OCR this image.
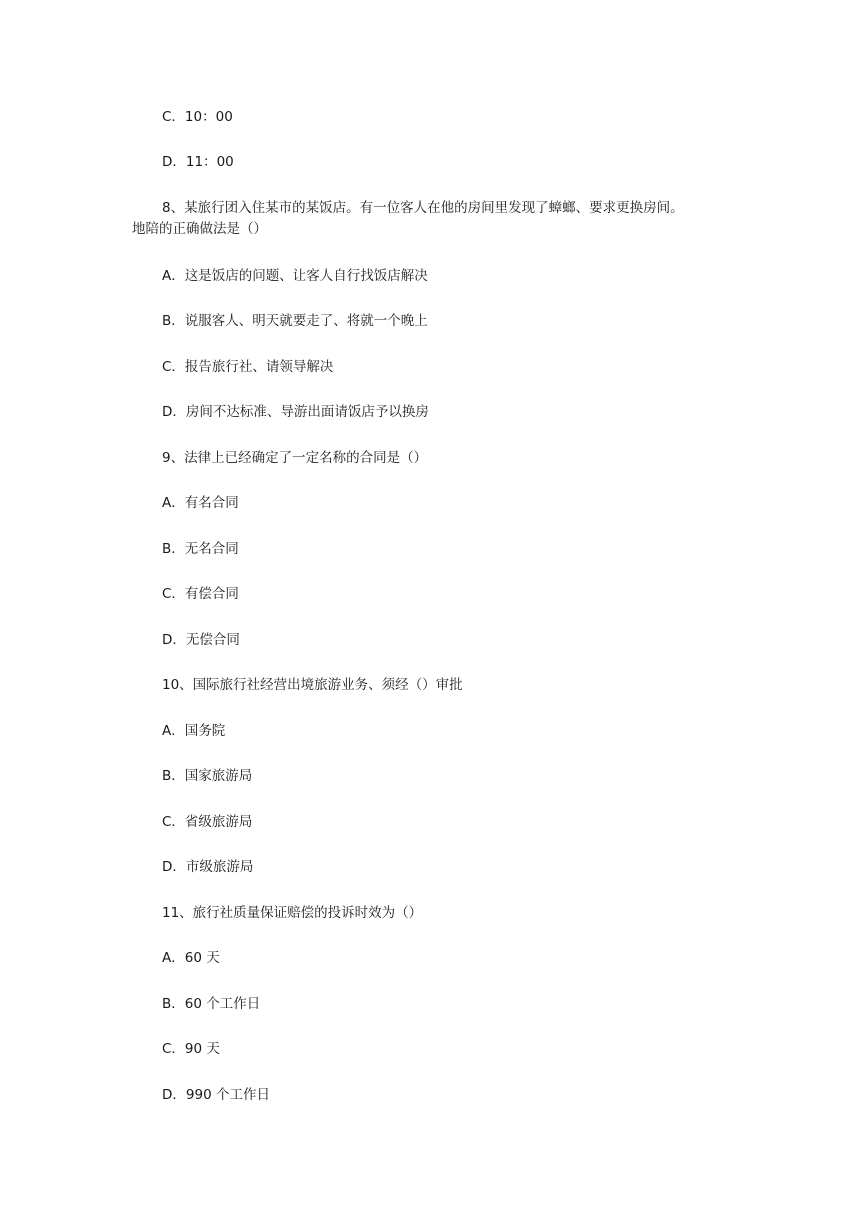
C．10：00
D．11：00
8、某旅行团入住某市的某饭店。有一位客人在他的房间里发现了蟑螂、要求更换房间。
地陪的正确做法是（）
A．这是饭店的问题、让客人自行找饭店解决
B．说服客人、明天就要走了、将就一个晚上
C．报告旅行社、请领导解决
D．房间不达标准、导游出面请饭店予以换房
9、法律上已经确定了一定名称的合同是（）
A．有名合同
B．无名合同
C．有偿合同
D．无偿合同
10、国际旅行社经营出境旅游业务、须经（）审批
A．国务院
B．国家旅游局
C．省级旅游局
D．市级旅游局
11、旅行社质量保证赔偿的投诉时效为（）
A．60 天
B．60 个工作日
C．90 天
D．990 个工作日
